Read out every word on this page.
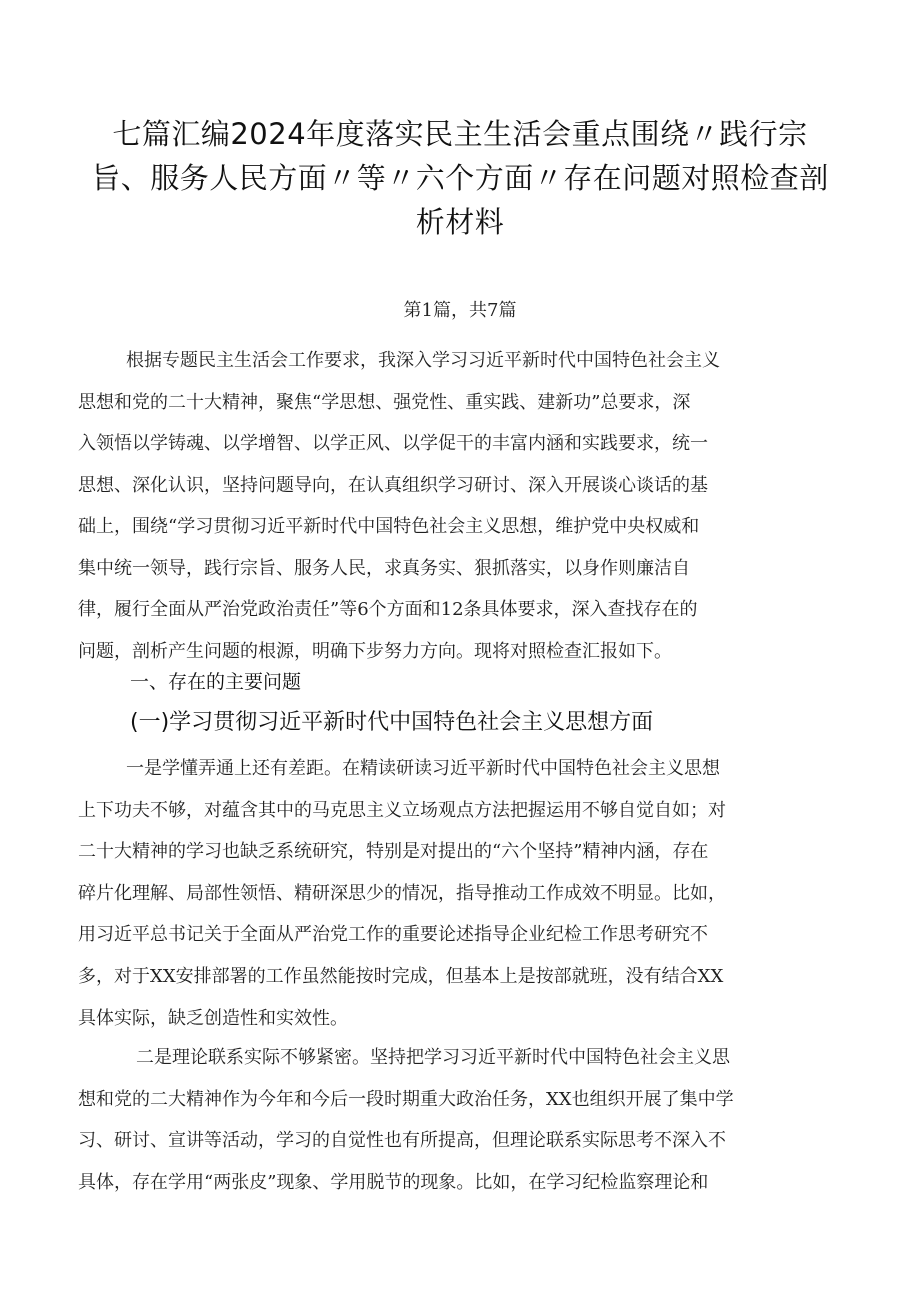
七篇汇编2024年度落实民主生活会重点围绕〃践行宗
旨、服务人民方面〃等〃六个方面〃存在问题对照检查剖
析材料
第1篇，共7篇
根据专题民主生活会工作要求，我深入学习习近平新时代中国特色社会主义
思想和党的二十大精神，聚焦“学思想、强党性、重实践、建新功”总要求，深
入领悟以学铸魂、以学增智、以学正风、以学促干的丰富内涵和实践要求，统一
思想、深化认识，坚持问题导向，在认真组织学习研讨、深入开展谈心谈话的基
础上，围绕“学习贯彻习近平新时代中国特色社会主义思想，维护党中央权威和
集中统一领导，践行宗旨、服务人民，求真务实、狠抓落实，以身作则廉洁自
律，履行全面从严治党政治责任”等6个方面和12条具体要求，深入查找存在的
问题，剖析产生问题的根源，明确下步努力方向。现将对照检查汇报如下。
一、存在的主要问题
(一)学习贯彻习近平新时代中国特色社会主义思想方面
一是学懂弄通上还有差距。在精读研读习近平新时代中国特色社会主义思想
上下功夫不够，对蕴含其中的马克思主义立场观点方法把握运用不够自觉自如；对
二十大精神的学习也缺乏系统研究，特别是对提出的“六个坚持”精神内涵，存在
碎片化理解、局部性领悟、精研深思少的情况，指导推动工作成效不明显。比如，
用习近平总书记关于全面从严治党工作的重要论述指导企业纪检工作思考研究不
多，对于XX安排部署的工作虽然能按时完成，但基本上是按部就班，没有结合XX
具体实际，缺乏创造性和实效性。
二是理论联系实际不够紧密。坚持把学习习近平新时代中国特色社会主义思
想和党的二大精神作为今年和今后一段时期重大政治任务，XX也组织开展了集中学
习、研讨、宣讲等活动，学习的自觉性也有所提高，但理论联系实际思考不深入不
具体，存在学用“两张皮”现象、学用脱节的现象。比如，在学习纪检监察理论和
